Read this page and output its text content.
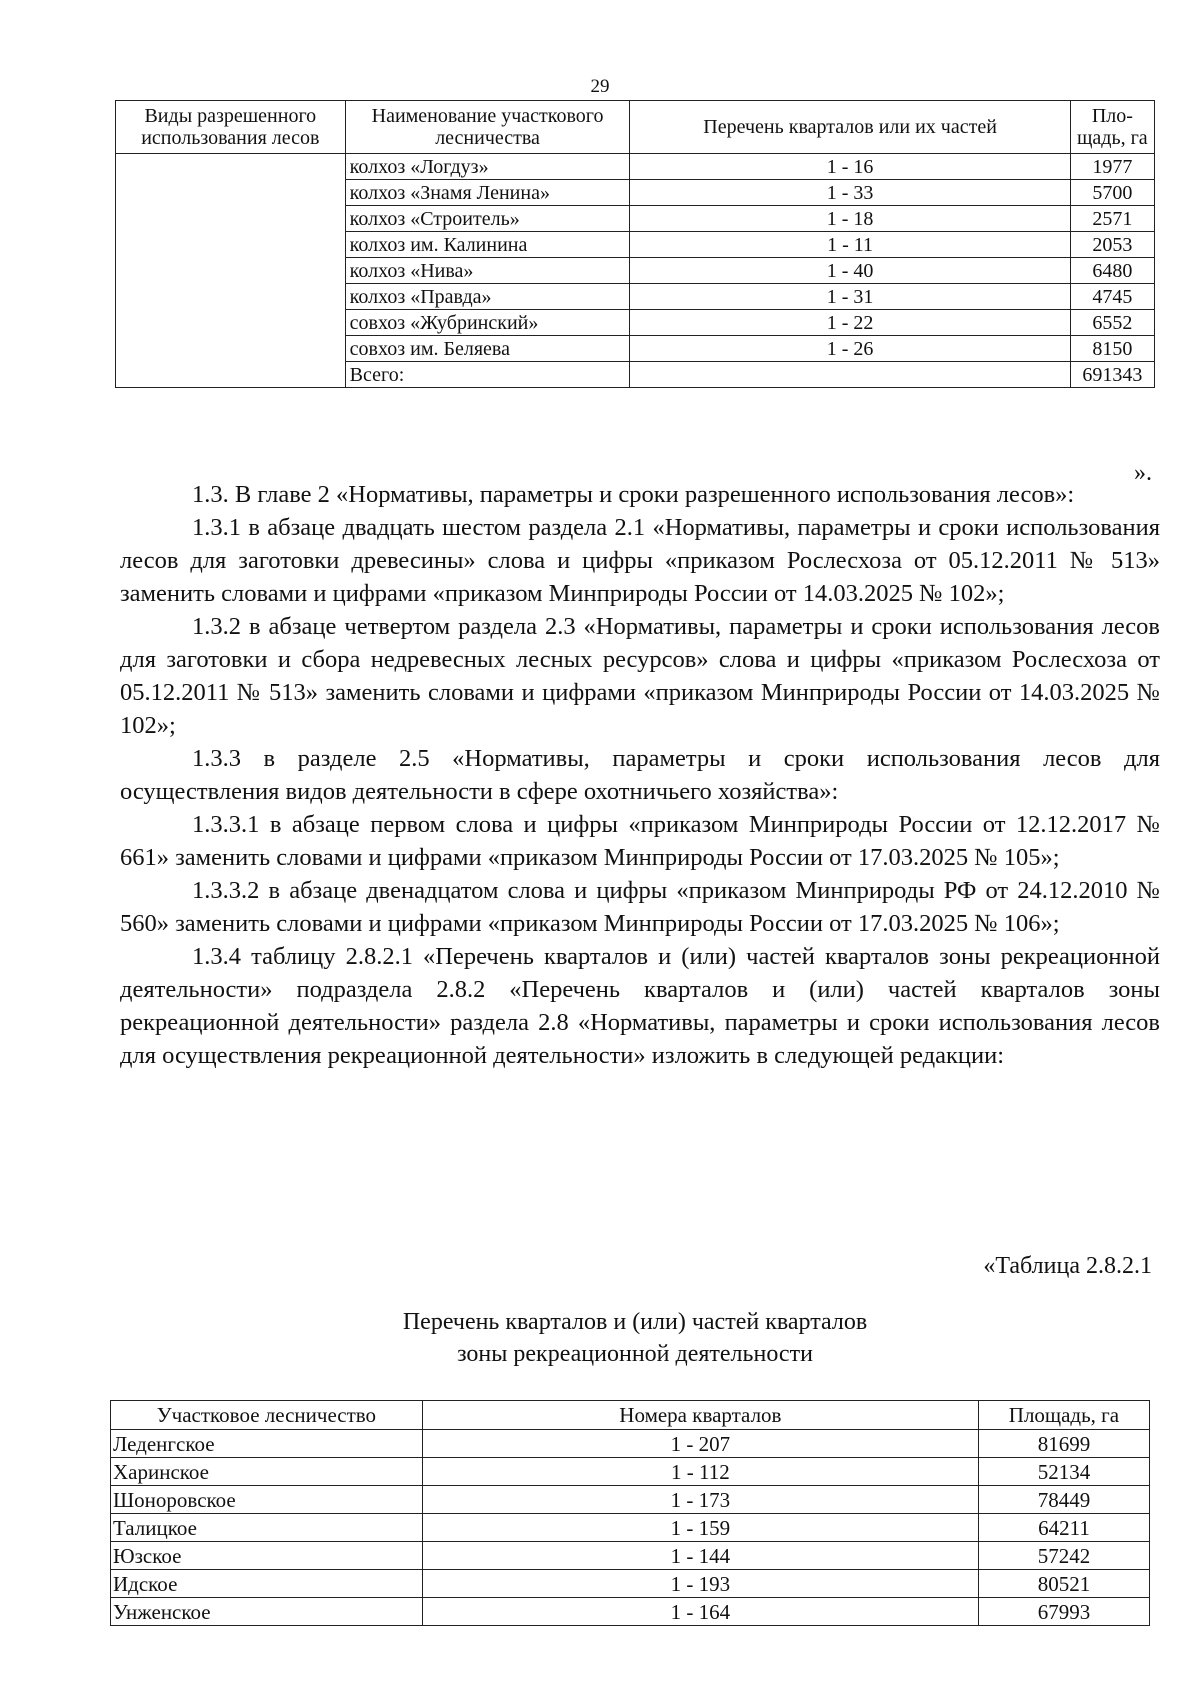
29
Виды разрешенного использования лесов	Наименование участкового лесничества	Перечень кварталов или их частей	Пло-щадь, га
	колхоз «Логдуз»	1 - 16	1977
	колхоз «Знамя Ленина»	1 - 33	5700
	колхоз «Строитель»	1 - 18	2571
	колхоз им. Калинина	1 - 11	2053
	колхоз «Нива»	1 - 40	6480
	колхоз «Правда»	1 - 31	4745
	совхоз «Жубринский»	1 - 22	6552
	совхоз им. Беляева	1 - 26	8150
	Всего:		691343
».

1.3. В главе 2 «Нормативы, параметры и сроки разрешенного использования лесов»:

1.3.1 в абзаце двадцать шестом раздела 2.1 «Нормативы, параметры и сроки использования лесов для заготовки древесины» слова и цифры «приказом Рослесхоза от 05.12.2011 № 513» заменить словами и цифрами «приказом Минприроды России от 14.03.2025 № 102»;

1.3.2 в абзаце четвертом раздела 2.3 «Нормативы, параметры и сроки использования лесов для заготовки и сбора недревесных лесных ресурсов» слова и цифры «приказом Рослесхоза от 05.12.2011 № 513» заменить словами и цифрами «приказом Минприроды России от 14.03.2025 № 102»;

1.3.3 в разделе 2.5 «Нормативы, параметры и сроки использования лесов для осуществления видов деятельности в сфере охотничьего хозяйства»:

1.3.3.1 в абзаце первом слова и цифры «приказом Минприроды России от 12.12.2017 № 661» заменить словами и цифрами «приказом Минприроды России от 17.03.2025 № 105»;

1.3.3.2 в абзаце двенадцатом слова и цифры «приказом Минприроды РФ от 24.12.2010 № 560» заменить словами и цифрами «приказом Минприроды России от 17.03.2025 № 106»;

1.3.4 таблицу 2.8.2.1 «Перечень кварталов и (или) частей кварталов зоны рекреационной деятельности» подраздела 2.8.2 «Перечень кварталов и (или) частей кварталов зоны рекреационной деятельности» раздела 2.8 «Нормативы, параметры и сроки использования лесов для осуществления рекреационной деятельности» изложить в следующей редакции:

«Таблица 2.8.2.1
Перечень кварталов и (или) частей кварталов
зоны рекреационной деятельности
Участковое лесничество	Номера кварталов	Площадь, га
Леденгское	1 - 207	81699
Харинское	1 - 112	52134
Шоноровское	1 - 173	78449
Талицкое	1 - 159	64211
Юзское	1 - 144	57242
Идское	1 - 193	80521
Унженское	1 - 164	67993
